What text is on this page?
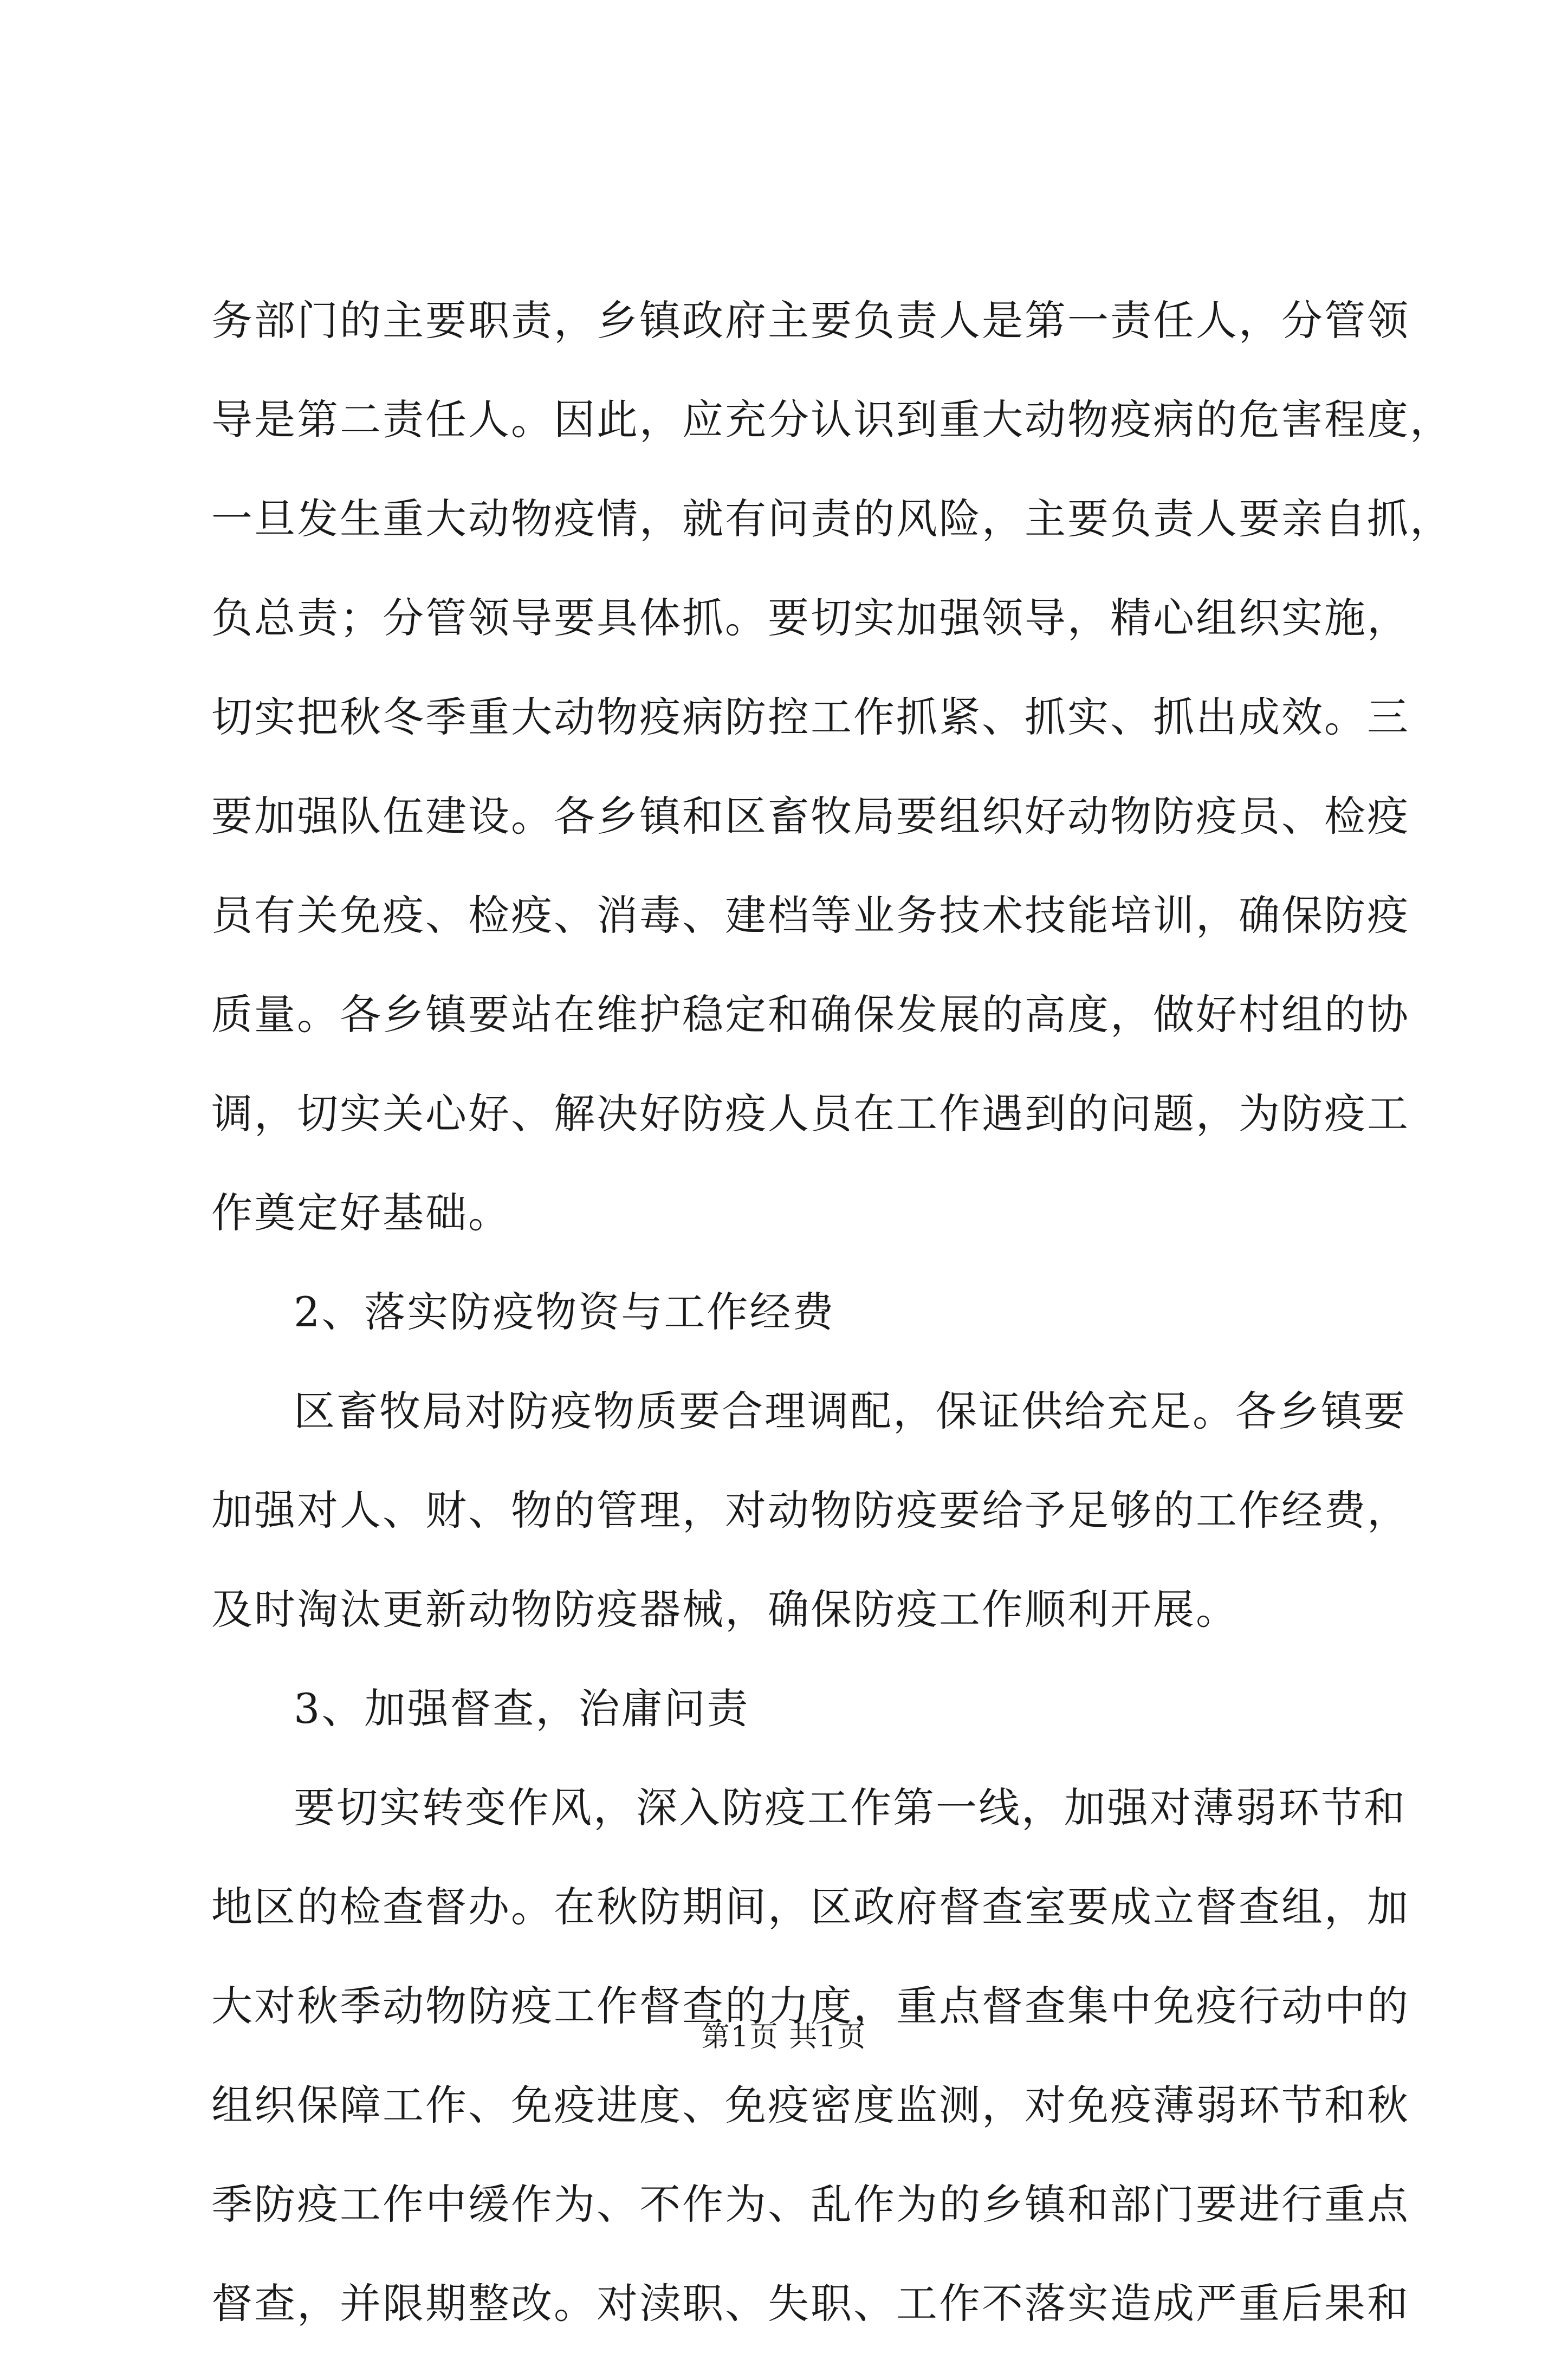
务部门的主要职责，乡镇政府主要负责人是第一责任人，分管领
导是第二责任人。因此，应充分认识到重大动物疫病的危害程度，
一旦发生重大动物疫情，就有问责的风险，主要负责人要亲自抓，
负总责；分管领导要具体抓。要切实加强领导，精心组织实施，
切实把秋冬季重大动物疫病防控工作抓紧、抓实、抓出成效。三
要加强队伍建设。各乡镇和区畜牧局要组织好动物防疫员、检疫
员有关免疫、检疫、消毒、建档等业务技术技能培训，确保防疫
质量。各乡镇要站在维护稳定和确保发展的高度，做好村组的协
调，切实关心好、解决好防疫人员在工作遇到的问题，为防疫工
作奠定好基础。
2、落实防疫物资与工作经费
区畜牧局对防疫物质要合理调配，保证供给充足。各乡镇要
加强对人、财、物的管理，对动物防疫要给予足够的工作经费，
及时淘汰更新动物防疫器械，确保防疫工作顺利开展。
3、加强督查，治庸问责
要切实转变作风，深入防疫工作第一线，加强对薄弱环节和
地区的检查督办。在秋防期间，区政府督查室要成立督查组，加
大对秋季动物防疫工作督查的力度，重点督查集中免疫行动中的
组织保障工作、免疫进度、免疫密度监测，对免疫薄弱环节和秋
季防疫工作中缓作为、不作为、乱作为的乡镇和部门要进行重点
督查，并限期整改。对渎职、失职、工作不落实造成严重后果和
第1页 共1页
